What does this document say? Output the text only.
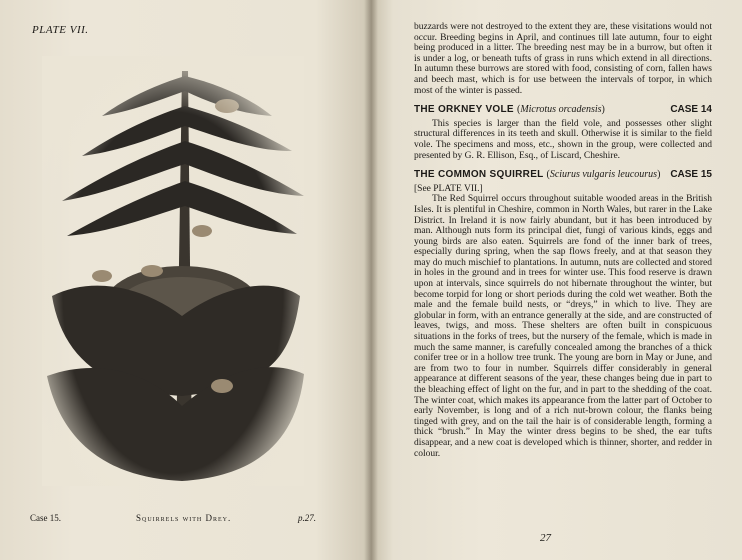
PLATE VII.
Case 15.	Squirrels with Drey.	p.27.

buzzards were not destroyed to the extent they are, these visitations would not occur. Breeding begins in April, and continues till late autumn, four to eight being produced in a litter. The breeding nest may be in a burrow, but often it is under a log, or beneath tufts of grass in runs which extend in all directions. In autumn these burrows are stored with food, consisting of corn, fallen haws and beech mast, which is for use between the intervals of torpor, in which most of the winter is passed.

THE ORKNEY VOLE (Microtus orcadensis)	CASE 14

This species is larger than the field vole, and possesses other slight structural differences in its teeth and skull. Otherwise it is similar to the field vole. The specimens and moss, etc., shown in the group, were collected and presented by G. R. Ellison, Esq., of Liscard, Cheshire.

THE COMMON SQUIRREL (Sciurus vulgaris leucourus) CASE 15

[See PLATE VII.]

The Red Squirrel occurs throughout suitable wooded areas in the British Isles. It is plentiful in Cheshire, common in North Wales, but rarer in the Lake District. In Ireland it is now fairly abundant, but it has been introduced by man. Although nuts form its principal diet, fungi of various kinds, eggs and young birds are also eaten. Squirrels are fond of the inner bark of trees, especially during spring, when the sap flows freely, and at that season they may do much mischief to plantations. In autumn, nuts are collected and stored in holes in the ground and in trees for winter use. This food reserve is drawn upon at intervals, since squirrels do not hibernate throughout the winter, but become torpid for long or short periods during the cold wet weather. Both the male and the female build nests, or “dreys,” in which to live. They are globular in form, with an entrance generally at the side, and are constructed of leaves, twigs, and moss. These shelters are often built in conspicuous situations in the forks of trees, but the nursery of the female, which is made in much the same manner, is carefully concealed among the branches of a thick conifer tree or in a hollow tree trunk. The young are born in May or June, and are from two to four in number. Squirrels differ considerably in general appearance at different seasons of the year, these changes being due in part to the bleaching effect of light on the fur, and in part to the shedding of the coat. The winter coat, which makes its appearance from the latter part of October to early November, is long and of a rich nut-brown colour, the flanks being tinged with grey, and on the tail the hair is of considerable length, forming a thick “brush.” In May the winter dress begins to be shed, the ear tufts disappear, and a new coat is developed which is thinner, shorter, and redder in colour.

27
